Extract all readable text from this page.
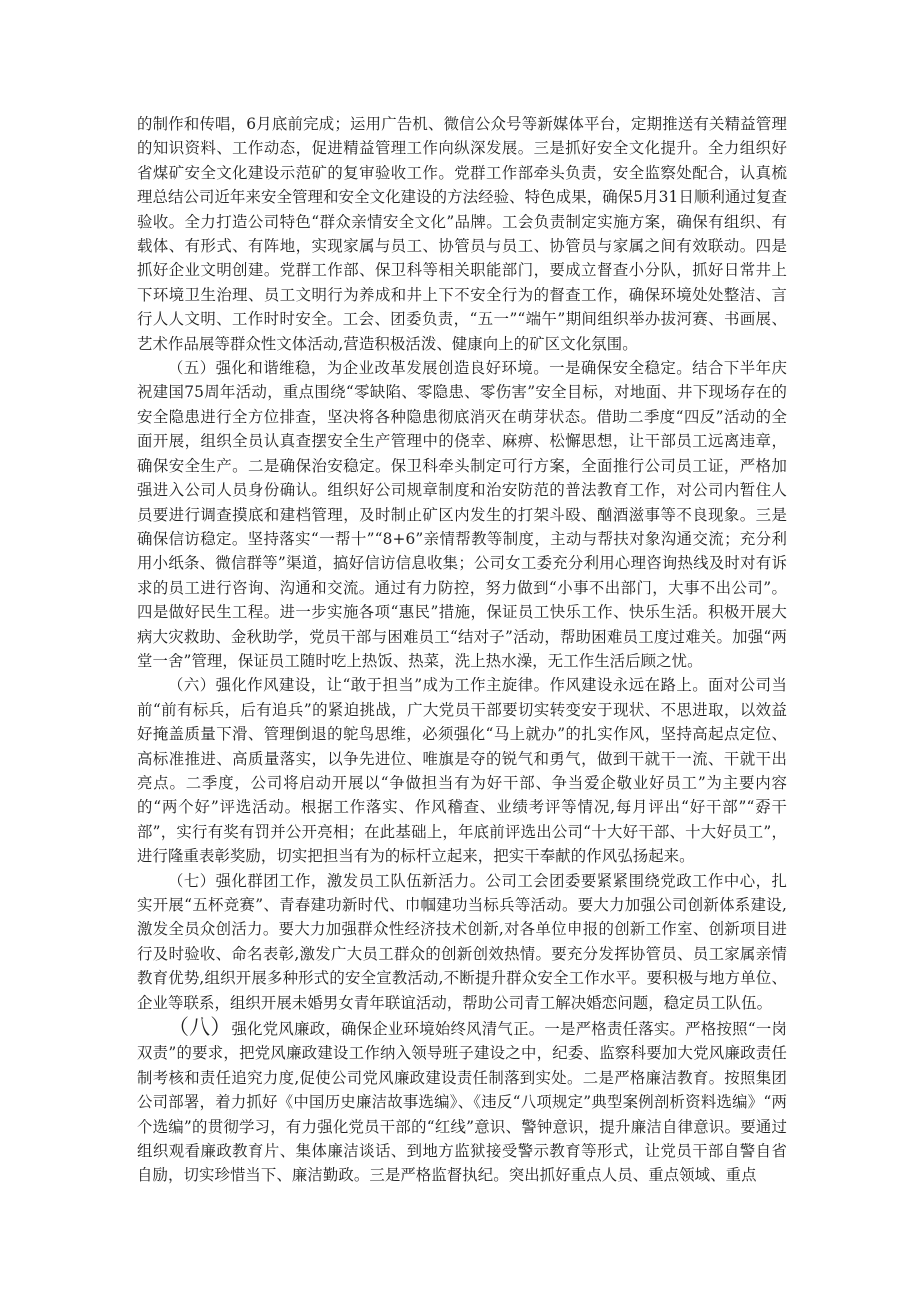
的制作和传唱，6月底前完成；运用广告机、微信公众号等新媒体平台，定期推送有关精益管理的知识资料、工作动态，促进精益管理工作向纵深发展。三是抓好安全文化提升。全力组织好省煤矿安全文化建设示范矿的复审验收工作。党群工作部牵头负责，安全监察处配合，认真梳理总结公司近年来安全管理和安全文化建设的方法经验、特色成果，确保5月31日顺利通过复查验收。全力打造公司特色“群众亲情安全文化”品牌。工会负责制定实施方案，确保有组织、有载体、有形式、有阵地，实现家属与员工、协管员与员工、协管员与家属之间有效联动。四是抓好企业文明创建。党群工作部、保卫科等相关职能部门，要成立督查小分队，抓好日常井上下环境卫生治理、员工文明行为养成和井上下不安全行为的督查工作，确保环境处处整洁、言行人人文明、工作时时安全。工会、团委负责，“五一”“端午”期间组织举办拔河赛、书画展、艺术作品展等群众性文体活动,营造积极活泼、健康向上的矿区文化氛围。

（五）强化和谐维稳，为企业改革发展创造良好环境。一是确保安全稳定。结合下半年庆祝建国75周年活动，重点围绕“零缺陷、零隐患、零伤害”安全目标，对地面、井下现场存在的安全隐患进行全方位排查，坚决将各种隐患彻底消灭在萌芽状态。借助二季度“四反”活动的全面开展，组织全员认真查摆安全生产管理中的侥幸、麻痹、松懈思想，让干部员工远离违章，确保安全生产。二是确保治安稳定。保卫科牵头制定可行方案，全面推行公司员工证，严格加强进入公司人员身份确认。组织好公司规章制度和治安防范的普法教育工作，对公司内暂住人员要进行调查摸底和建档管理，及时制止矿区内发生的打架斗殴、酗酒滋事等不良现象。三是确保信访稳定。坚持落实“一帮十”“8+6”亲情帮教等制度，主动与帮扶对象沟通交流；充分利用小纸条、微信群等”渠道，搞好信访信息收集；公司女工委充分利用心理咨询热线及时对有诉求的员工进行咨询、沟通和交流。通过有力防控，努力做到“小事不出部门，大事不出公司”。四是做好民生工程。进一步实施各项“惠民”措施，保证员工快乐工作、快乐生活。积极开展大病大灾救助、金秋助学，党员干部与困难员工“结对子”活动，帮助困难员工度过难关。加强“两堂一舍”管理，保证员工随时吃上热饭、热菜，洗上热水澡，无工作生活后顾之忧。

（六）强化作风建设，让“敢于担当”成为工作主旋律。作风建设永远在路上。面对公司当前“前有标兵，后有追兵”的紧迫挑战，广大党员干部要切实转变安于现状、不思进取，以效益好掩盖质量下滑、管理倒退的鸵鸟思维，必须强化“马上就办”的扎实作风，坚持高起点定位、高标准推进、高质量落实，以争先进位、唯旗是夺的锐气和勇气，做到干就干一流、干就干出亮点。二季度，公司将启动开展以“争做担当有为好干部、争当爱企敬业好员工”为主要内容的“两个好”评选活动。根据工作落实、作风稽查、业绩考评等情况,每月评出“好干部”“孬干部”，实行有奖有罚并公开亮相；在此基础上，年底前评选出公司“十大好干部、十大好员工”，进行隆重表彰奖励，切实把担当有为的标杆立起来，把实干奉献的作风弘扬起来。

（七）强化群团工作，激发员工队伍新活力。公司工会团委要紧紧围绕党政工作中心，扎实开展“五杯竞赛”、青春建功新时代、巾帼建功当标兵等活动。要大力加强公司创新体系建设,激发全员众创活力。要大力加强群众性经济技术创新,对各单位申报的创新工作室、创新项目进行及时验收、命名表彰,激发广大员工群众的创新创效热情。要充分发挥协管员、员工家属亲情教育优势,组织开展多种形式的安全宣教活动,不断提升群众安全工作水平。要积极与地方单位、企业等联系，组织开展未婚男女青年联谊活动，帮助公司青工解决婚恋问题，稳定员工队伍。

（八）强化党风廉政，确保企业环境始终风清气正。一是严格责任落实。严格按照“一岗双责”的要求，把党风廉政建设工作纳入领导班子建设之中，纪委、监察科要加大党风廉政责任制考核和责任追究力度,促使公司党风廉政建设责任制落到实处。二是严格廉洁教育。按照集团公司部署，着力抓好《中国历史廉洁故事选编》、《违反“八项规定”典型案例剖析资料选编》“两个选编”的贯彻学习，有力强化党员干部的“红线”意识、警钟意识，提升廉洁自律意识。要通过组织观看廉政教育片、集体廉洁谈话、到地方监狱接受警示教育等形式，让党员干部自警自省自励，切实珍惜当下、廉洁勤政。三是严格监督执纪。突出抓好重点人员、重点领域、重点
